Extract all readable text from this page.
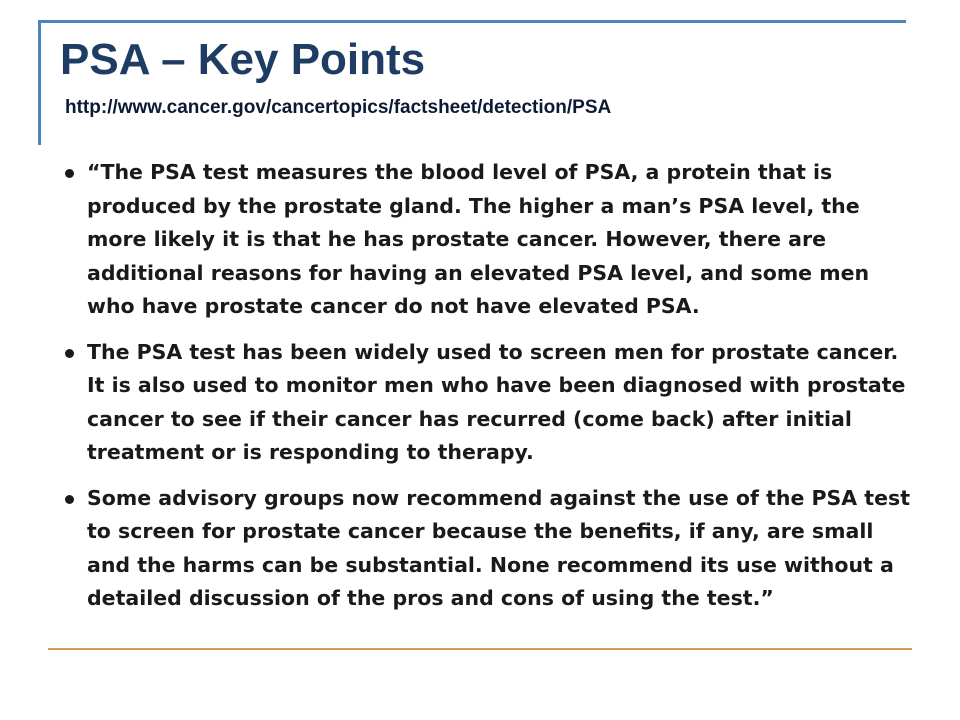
PSA – Key Points
http://www.cancer.gov/cancertopics/factsheet/detection/PSA
“The PSA test measures the blood level of PSA, a protein that is produced by the prostate gland. The higher a man’s PSA level, the more likely it is that he has prostate cancer. However, there are additional reasons for having an elevated PSA level, and some men who have prostate cancer do not have elevated PSA.
The PSA test has been widely used to screen men for prostate cancer. It is also used to monitor men who have been diagnosed with prostate cancer to see if their cancer has recurred (come back) after initial treatment or is responding to therapy.
Some advisory groups now recommend against the use of the PSA test to screen for prostate cancer because the benefits, if any, are small and the harms can be substantial. None recommend its use without a detailed discussion of the pros and cons of using the test.”
